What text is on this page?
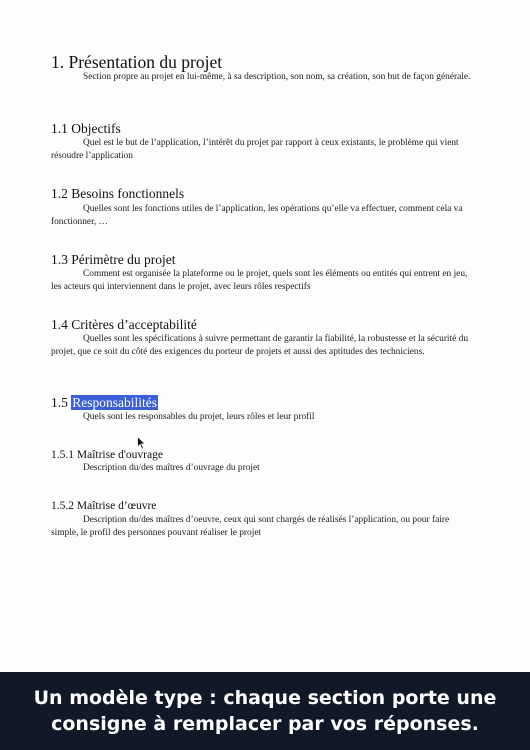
1. Présentation du projet
Section propre au projet en lui-même, à sa description, son nom, sa création, son but de façon générale.
1.1 Objectifs
Quel est le but de l’application, l’intérêt du projet par rapport à ceux existants, le problème qui vient résoudre l’application
1.2 Besoins fonctionnels
Quelles sont les fonctions utiles de l’application, les opérations qu’elle va effectuer, comment cela va fonctionner, …
1.3 Périmètre du projet
Comment est organisée la plateforme ou le projet, quels sont les éléments ou entités qui entrent en jeu, les acteurs qui interviennent dans le projet, avec leurs rôles respectifs
1.4 Critères d’acceptabilité
Quelles sont les spécifications à suivre permettant de garantir la fiabilité, la robustesse et la sécurité du projet, que ce soit du côté des exigences du porteur de projets et aussi des aptitudes des techniciens.
1.5 Responsabilités
Quels sont les responsables du projet, leurs rôles et leur profil
1.5.1 Maîtrise d'ouvrage
Description du/des maîtres d’ouvrage du projet
1.5.2 Maîtrise d’œuvre
Description du/des maîtres d’oeuvre, ceux qui sont chargés de réalisés l’application, ou pour faire simple, le profil des personnes pouvant réaliser le projet
Un modèle type : chaque section porte une consigne à remplacer par vos réponses.
